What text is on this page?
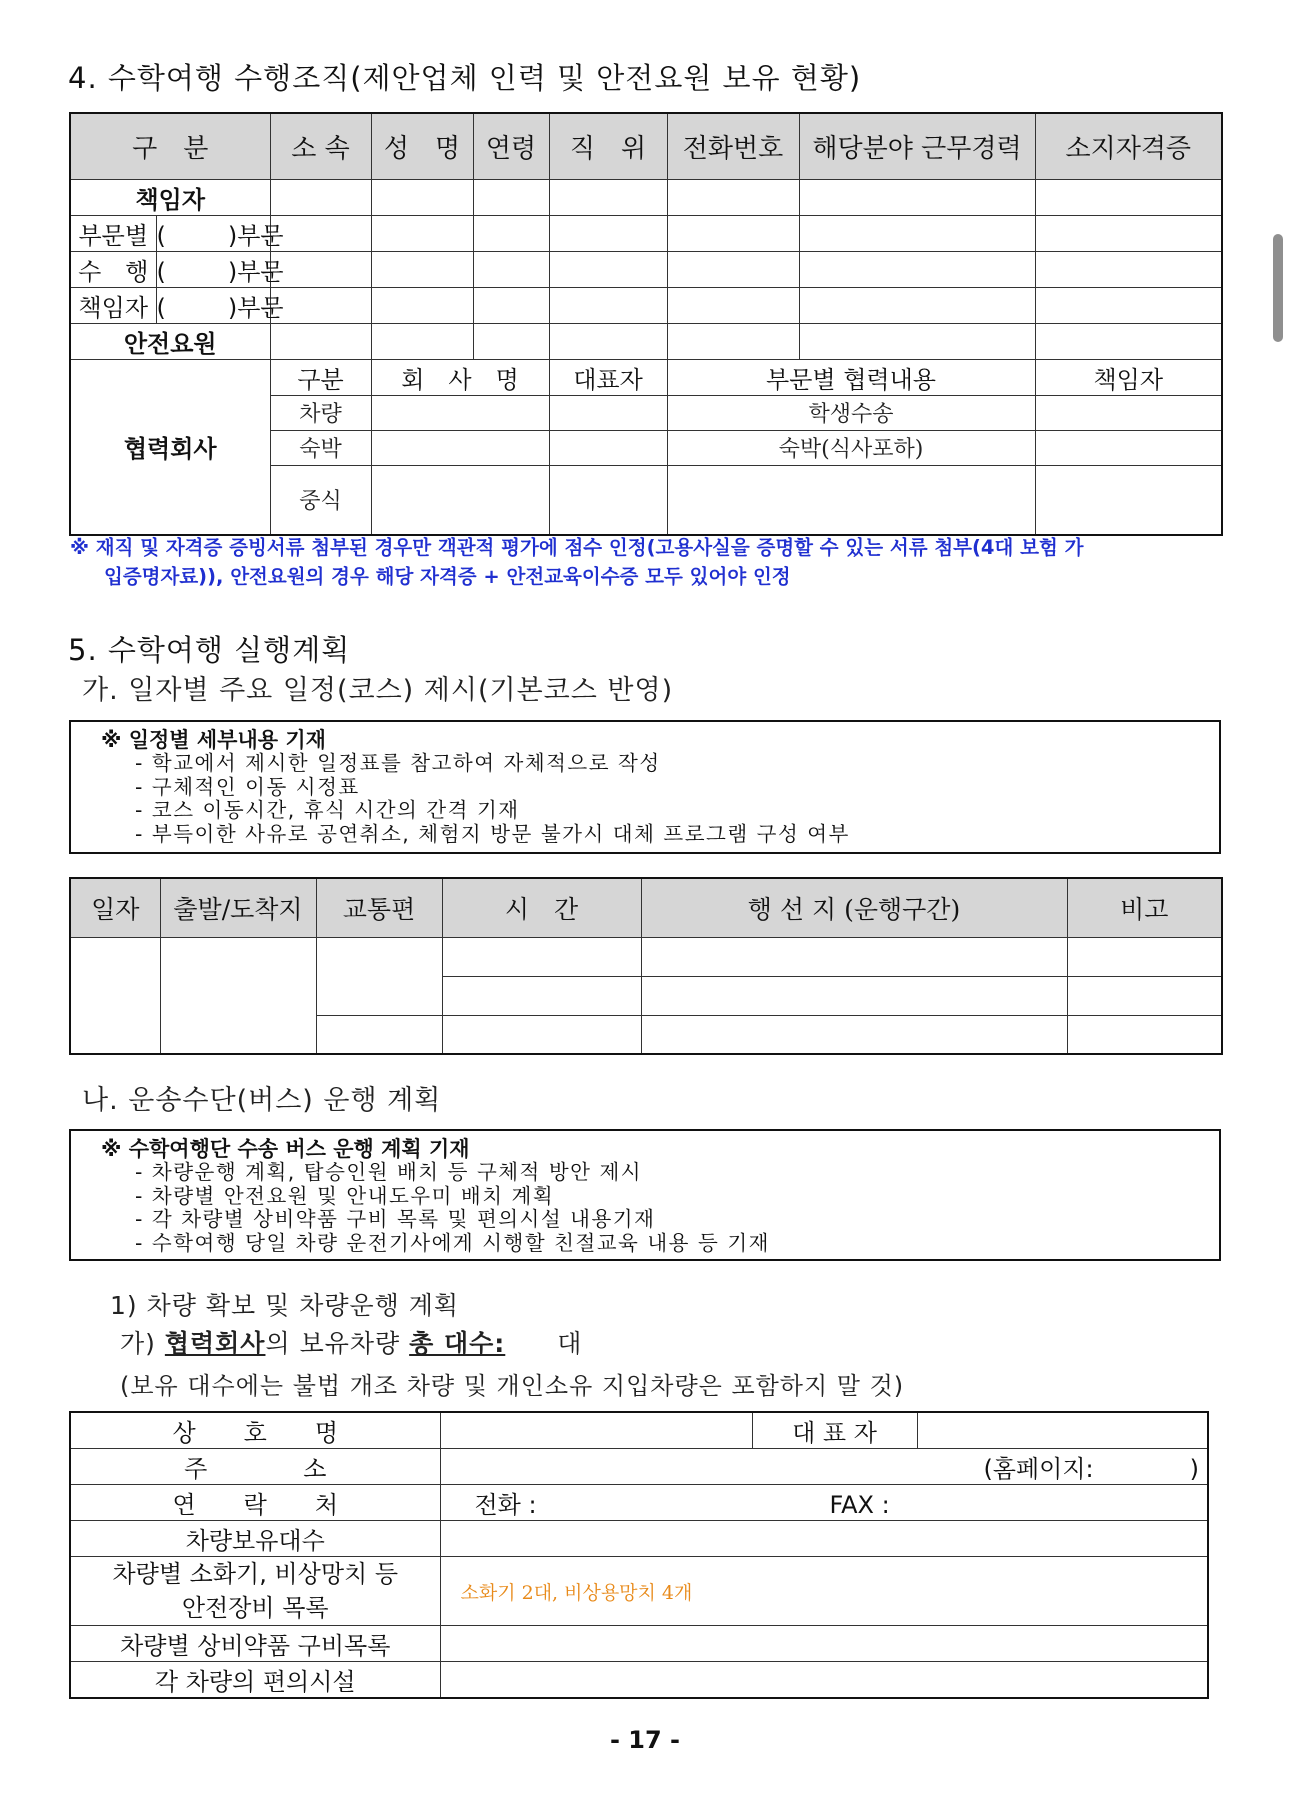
4. 수학여행 수행조직(제안업체 인력 및 안전요원 보유 현황)
구　분		소 속	성　명	연령	직　위	전화번호	해당분야 근무경력	소지자격증
책임자								
부문별	( )부문							
수　행	( )부문							
책임자	( )부문							
안전요원								
협력회사		구분	회　사　명		대표자	부문별 협력내용		책임자
		차량				학생수송		
		숙박				숙박(식사포하)		
		중식						
※ 재직 및 자격증 증빙서류 첨부된 경우만 객관적 평가에 점수 인정(고용사실을 증명할 수 있는 서류 첨부(4대 보험 가
입증명자료)), 안전요원의 경우 해당 자격증 + 안전교육이수증 모두 있어야 인정
5. 수학여행 실행계획
가. 일자별 주요 일정(코스) 제시(기본코스 반영)
※ 일정별 세부내용 기재
- 학교에서 제시한 일정표를 참고하여 자체적으로 작성
- 구체적인 이동 시정표
- 코스 이동시간, 휴식 시간의 간격 기재
- 부득이한 사유로 공연취소, 체험지 방문 불가시 대체 프로그램 구성 여부
일자	출발/도착지	교통편	시　간	행 선 지 (운행구간)	비고

나. 운송수단(버스) 운행 계획
※ 수학여행단 수송 버스 운행 계획 기재
- 차량운행 계획, 탑승인원 배치 등 구체적 방안 제시
- 차량별 안전요원 및 안내도우미 배치 계획
- 각 차량별 상비약품 구비 목록 및 편의시설 내용기재
- 수학여행 당일 차량 운전기사에게 시행할 친절교육 내용 등 기재
1) 차량 확보 및 차량운행 계획
가) 협력회사의 보유차량 총 대수: 대
(보유 대수에는 불법 개조 차량 및 개인소유 지입차량은 포함하지 말 것)
상　　호　　명		대 표 자	
주　　　　소	(홈페이지:　　　　)		
연　　락　　처	전화 : FAX :		
차량보유대수			

차량별 소화기, 비상망치 등
안전장비 목록	소화기 2대, 비상용망치 4개		
차량별 상비약품 구비목록			
각 차량의 편의시설			
- 17 -
